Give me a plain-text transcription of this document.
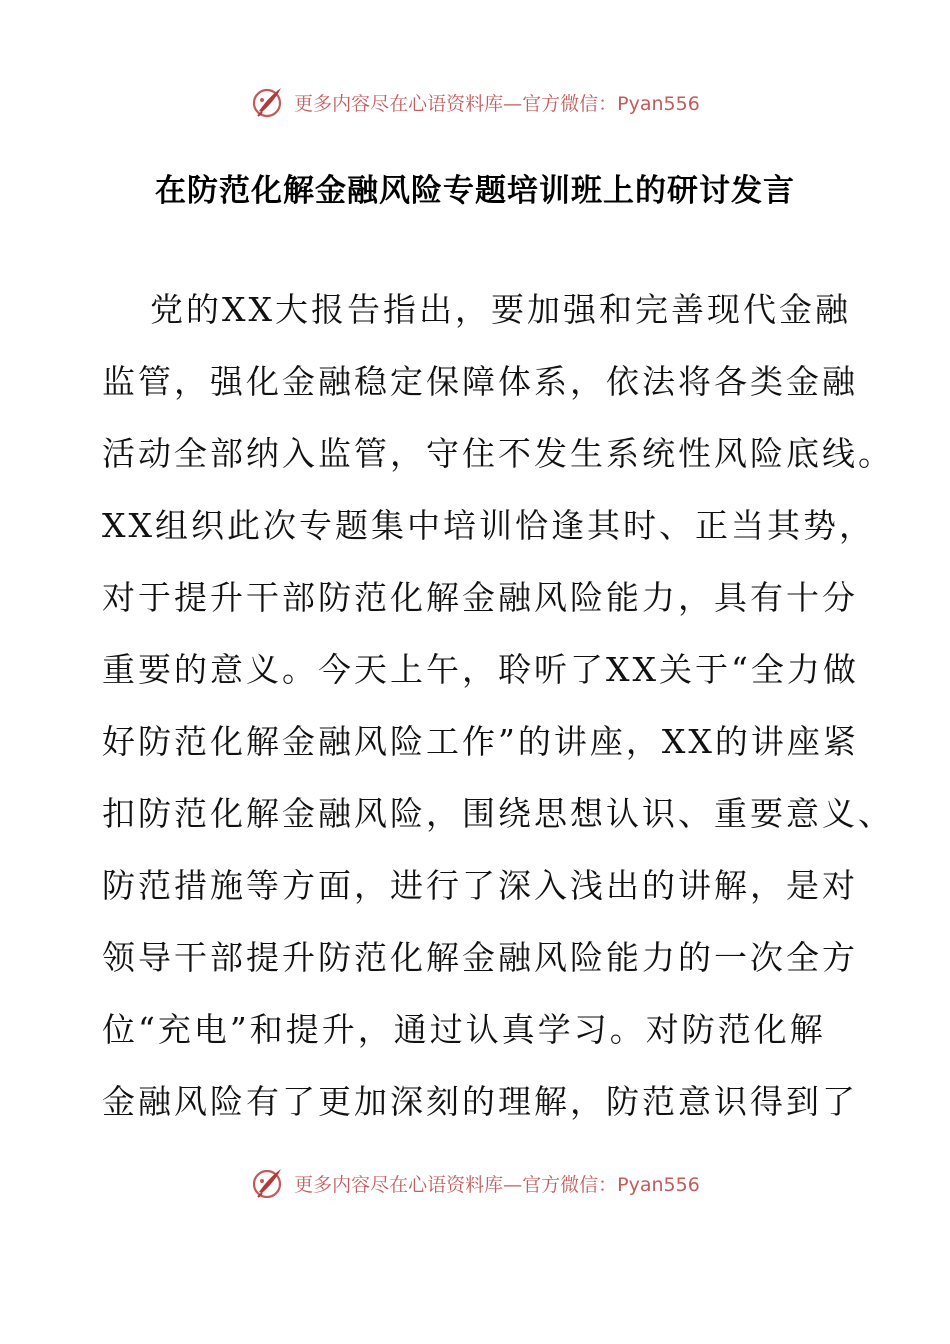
更多内容尽在心语资料库—官方微信：Pyan556
在防范化解金融风险专题培训班上的研讨发言
党的XX大报告指出，要加强和完善现代金融
监管，强化金融稳定保障体系，依法将各类金融
活动全部纳入监管，守住不发生系统性风险底线。
XX组织此次专题集中培训恰逢其时、正当其势，
对于提升干部防范化解金融风险能力，具有十分
重要的意义。今天上午，聆听了XX关于“全力做
好防范化解金融风险工作”的讲座，XX的讲座紧
扣防范化解金融风险，围绕思想认识、重要意义、
防范措施等方面，进行了深入浅出的讲解，是对
领导干部提升防范化解金融风险能力的一次全方
位“充电”和提升，通过认真学习。对防范化解
金融风险有了更加深刻的理解，防范意识得到了
更多内容尽在心语资料库—官方微信：Pyan556
